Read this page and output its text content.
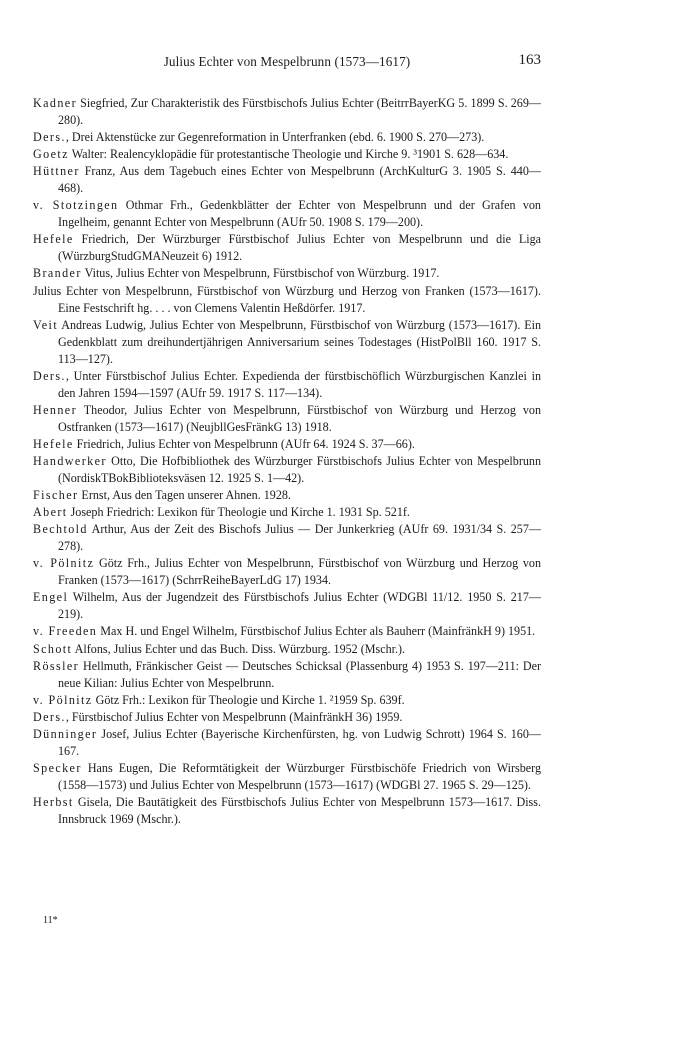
Julius Echter von Mespelbrunn (1573—1617)	163

Kadner Siegfried, Zur Charakteristik des Fürstbischofs Julius Echter (BeitrrBayerKG 5. 1899 S. 269—280).

Ders., Drei Aktenstücke zur Gegenreformation in Unterfranken (ebd. 6. 1900 S. 270—273).

Goetz Walter: Realencyklopädie für protestantische Theologie und Kirche 9. ³1901 S. 628—634.

Hüttner Franz, Aus dem Tagebuch eines Echter von Mespelbrunn (ArchKulturG 3. 1905 S. 440—468).

v. Stotzingen Othmar Frh., Gedenkblätter der Echter von Mespelbrunn und der Grafen von Ingelheim, genannt Echter von Mespelbrunn (AUfr 50. 1908 S. 179—200).

Hefele Friedrich, Der Würzburger Fürstbischof Julius Echter von Mespelbrunn und die Liga (WürzburgStudGMANeuzeit 6) 1912.

Brander Vitus, Julius Echter von Mespelbrunn, Fürstbischof von Würzburg. 1917.

Julius Echter von Mespelbrunn, Fürstbischof von Würzburg und Herzog von Franken (1573—1617). Eine Festschrift hg. . . . von Clemens Valentin Heßdörfer. 1917.

Veit Andreas Ludwig, Julius Echter von Mespelbrunn, Fürstbischof von Würzburg (1573—1617). Ein Gedenkblatt zum dreihundertjährigen Anniversarium seines Todestages (HistPolBll 160. 1917 S. 113—127).

Ders., Unter Fürstbischof Julius Echter. Expedienda der fürstbischöflich Würzburgischen Kanzlei in den Jahren 1594—1597 (AUfr 59. 1917 S. 117—134).

Henner Theodor, Julius Echter von Mespelbrunn, Fürstbischof von Würzburg und Herzog von Ostfranken (1573—1617) (NeujbllGesFränkG 13) 1918.

Hefele Friedrich, Julius Echter von Mespelbrunn (AUfr 64. 1924 S. 37—66).

Handwerker Otto, Die Hofbibliothek des Würzburger Fürstbischofs Julius Echter von Mespelbrunn (NordiskTBokBiblioteksväsen 12. 1925 S. 1—42).

Fischer Ernst, Aus den Tagen unserer Ahnen. 1928.

Abert Joseph Friedrich: Lexikon für Theologie und Kirche 1. 1931 Sp. 521f.

Bechtold Arthur, Aus der Zeit des Bischofs Julius — Der Junkerkrieg (AUfr 69. 1931/34 S. 257—278).

v. Pölnitz Götz Frh., Julius Echter von Mespelbrunn, Fürstbischof von Würzburg und Herzog von Franken (1573—1617) (SchrrReiheBayerLdG 17) 1934.

Engel Wilhelm, Aus der Jugendzeit des Fürstbischofs Julius Echter (WDGBl 11/12. 1950 S. 217—219).

v. Freeden Max H. und Engel Wilhelm, Fürstbischof Julius Echter als Bauherr (MainfränkH 9) 1951.

Schott Alfons, Julius Echter und das Buch. Diss. Würzburg. 1952 (Mschr.).

Rössler Hellmuth, Fränkischer Geist — Deutsches Schicksal (Plassenburg 4) 1953 S. 197—211: Der neue Kilian: Julius Echter von Mespelbrunn.

v. Pölnitz Götz Frh.: Lexikon für Theologie und Kirche 1. ²1959 Sp. 639f.

Ders., Fürstbischof Julius Echter von Mespelbrunn (MainfränkH 36) 1959.

Dünninger Josef, Julius Echter (Bayerische Kirchenfürsten, hg. von Ludwig Schrott) 1964 S. 160—167.

Specker Hans Eugen, Die Reformtätigkeit der Würzburger Fürstbischöfe Friedrich von Wirsberg (1558—1573) und Julius Echter von Mespelbrunn (1573—1617) (WDGBl 27. 1965 S. 29—125).

Herbst Gisela, Die Bautätigkeit des Fürstbischofs Julius Echter von Mespelbrunn 1573—1617. Diss. Innsbruck 1969 (Mschr.).

11*
